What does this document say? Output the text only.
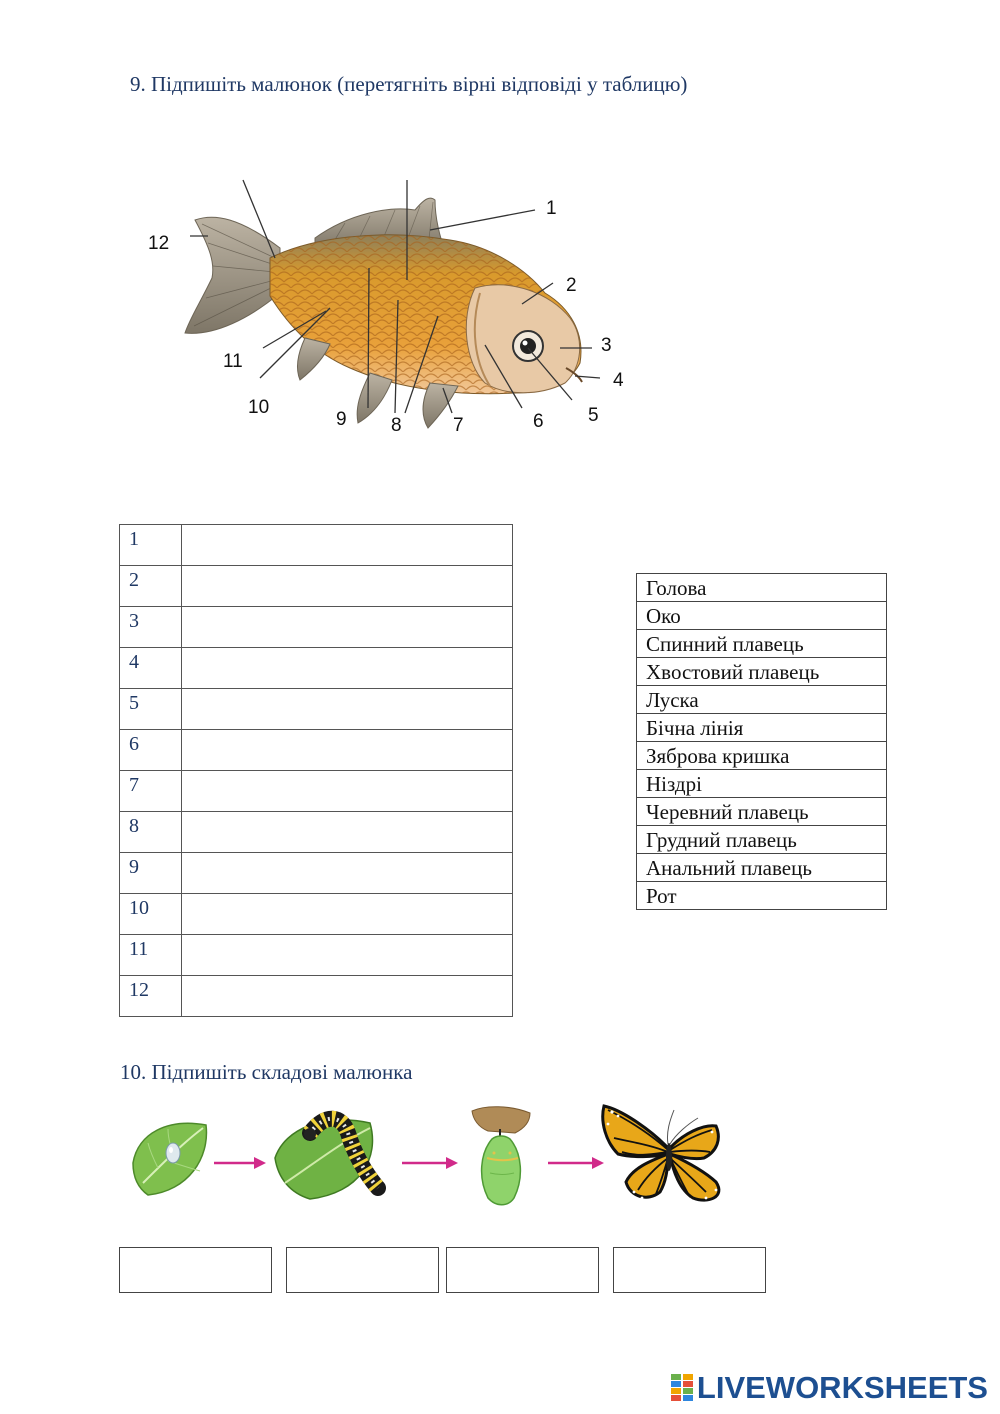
9. Підпишіть малюнок (перетягніть вірні відповіді у таблицю)
1
2
3
4
5
6
7
8
9
10
11
12
1	
2	
3	
4	
5	
6	
7	
8	
9	
10	
11	
12	
Голова
Око
Спинний плавець
Хвостовий плавець
Луска
Бічна лінія
Зяброва кришка
Ніздрі
Черевний плавець
Грудний плавець
Анальний плавець
Рот
10. Підпишіть складові малюнка
LIVEWORKSHEETS
